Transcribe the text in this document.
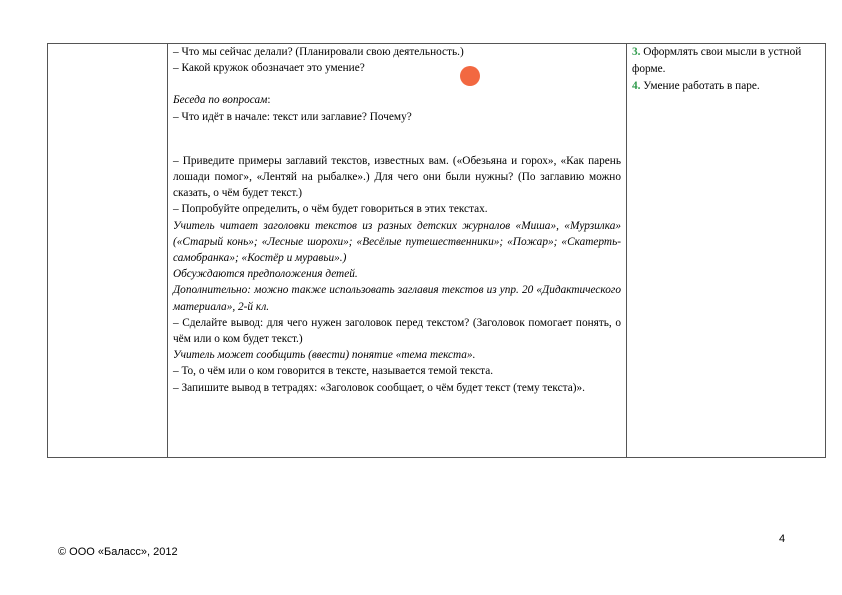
– Что мы сейчас делали? (Планировали свою деятельность.)
– Какой кружок обозначает это умение?
Беседа по вопросам:
– Что идёт в начале: текст или заглавие? Почему?
– Приведите примеры заглавий текстов, известных вам. («Обезьяна и горох», «Как парень лошади помог», «Лентяй на рыбалке».) Для чего они были нужны? (По заглавию можно сказать, о чём будет текст.)
– Попробуйте определить, о чём будет говориться в этих текстах.
Учитель читает заголовки текстов из разных детских журналов «Миша», «Мурзилка» («Старый конь»; «Лесные шорохи»; «Весёлые путешественники»; «Пожар»; «Скатерть-самобранка»; «Костёр и муравьи».)
Обсуждаются предположения детей.
Дополнительно: можно также использовать заглавия текстов из упр. 20 «Дидактического материала», 2-й кл.
– Сделайте вывод: для чего нужен заголовок перед текстом? (Заголовок помогает понять, о чём или о ком будет текст.)
Учитель может сообщить (ввести) понятие «тема текста».
– То, о чём или о ком говорится в тексте, называется темой текста.
– Запишите вывод в тетрадях: «Заголовок сообщает, о чём будет текст (тему текста)».
3. Оформлять свои мысли в устной форме.
4. Умение работать в паре.
4
© ООО «Баласс», 2012
